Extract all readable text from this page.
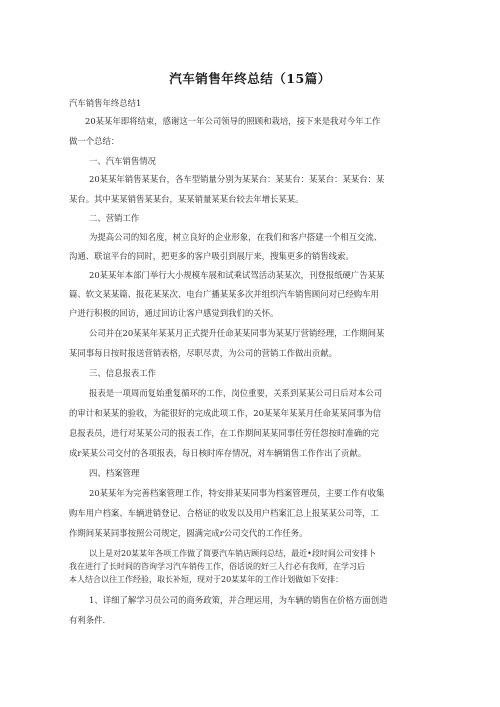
汽车销售年终总结（15篇）
汽车销售年终总结1
20某某年即将结束，感谢这一年公司领导的照顾和栽培，接下来是我对今年工作
做一个总结：
一、汽车销售情况
20某某年销售某某台，各车型销量分别为某某台：某某台：某某台：某某台：某
某台。其中某某销售某某台，某某销量某某台较去年增长某某。
二、营销工作
为提高公司的知名度，树立良好的企业形象，在我们和客户搭建一个相互交流、
沟通、联谊平台的同时，把更多的客户吸引到展厅来，搜集更多的销售线索。
20某某年本部门举行大小规模车展和试乘试驾活动某某次，刊登报纸硬广告某某
篇、软文某某篇、报花某某次、电台广播某某多次并组织汽车销售顾问对已经购车用
户进行积极的回访，通过回访让客户感觉到我们的关怀。
公司并在20某某年某某月正式提升任命某某同事为某某厅营销经理，工作期间某
某同事每日按时报送营销表格，尽职尽责，为公司的营销工作做出贡献。
三、信息报表工作
报表是一项周而复始重复循环的工作，岗位重要，关系到某某公司日后对本公司
的审计和某某的验收，为能很好的完成此项工作，20某某年某某月任命某某同事为信
息报表员，进行对某某公司的报表工作，在工作期间某某同事任劳任怨按时准确的完
成r某某公司交付的各项报表，每日核时库存情况，对车辆销售工作作出了贡献。
四、档案管理
20某某年为完善档案管理工作，特安排某某同事为档案管理员，主要工作有收集
购车用户档案、车辆进销登记、合格证的收发以及用户档案汇总上报某某公司等，工
作期间某某同事按照公司规定，圆满完成r公司交代的工作任务。
以上是对20某某年各项工作做了简要汽车销店顾问总结，最近•段时间公司安排卜
我在进行了长时间的咨询学习汽车销传工作，俗话说的好三人行必有我师，在学习后
本人结合以往工作经验，取长补短，现对于20某某年的工作计划做如下安排：
1、详细了解学习员公司的商务政策，并合理运用，为车辆的销售在价格方面创造
有利条件.
